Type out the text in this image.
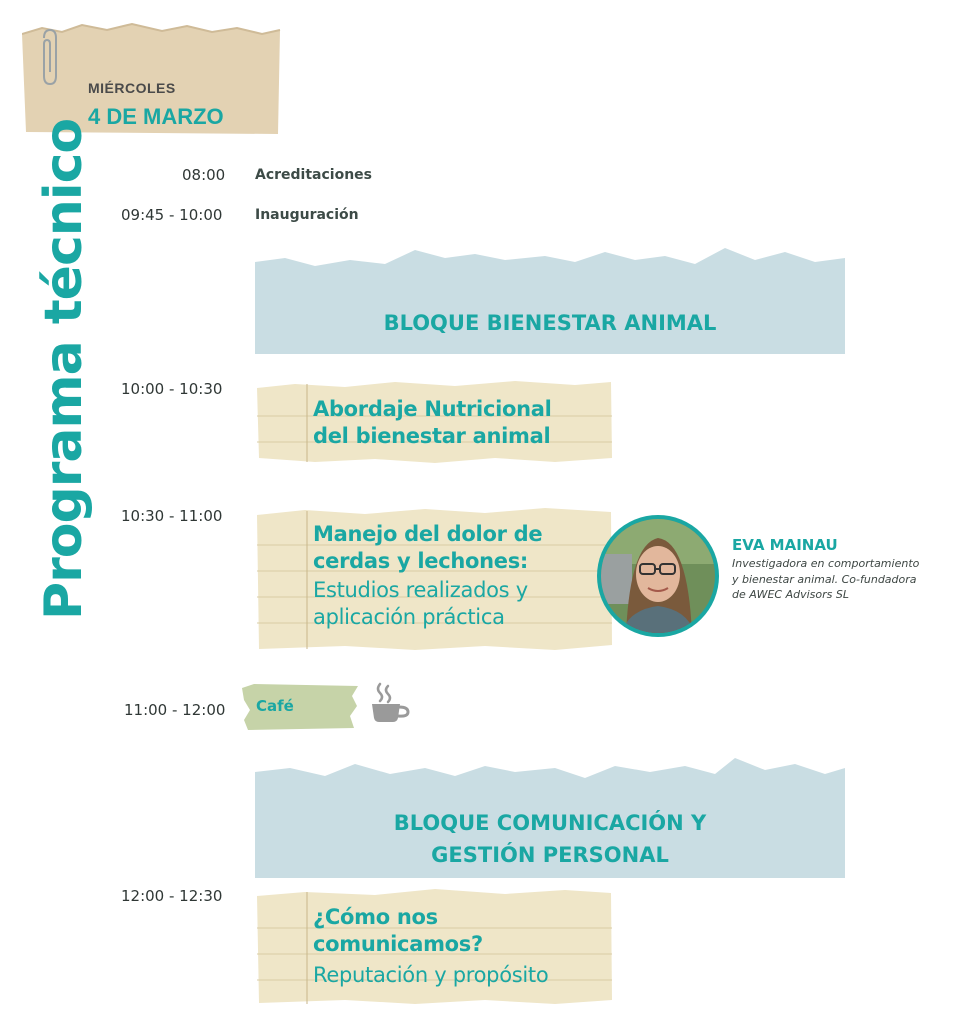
MIÉRCOLES
4 DE MARZO
Programa técnico	08:00 Acreditaciones
09:45 - 10:00 Inauguración
BLOQUE BIENESTAR ANIMAL
10:00 - 10:30
Abordaje Nutricional
del bienestar animal
10:30 - 11:00
Manejo del dolor de
cerdas y lechones:
Estudios realizados y
aplicación práctica
EVA MAINAU
Investigadora en comportamiento
y bienestar animal. Co-fundadora
de AWEC Advisors SL
11:00 - 12:00 Café
BLOQUE COMUNICACIÓN Y
GESTIÓN PERSONAL
12:00 - 12:30
¿Cómo nos
comunicamos?
Reputación y propósito
